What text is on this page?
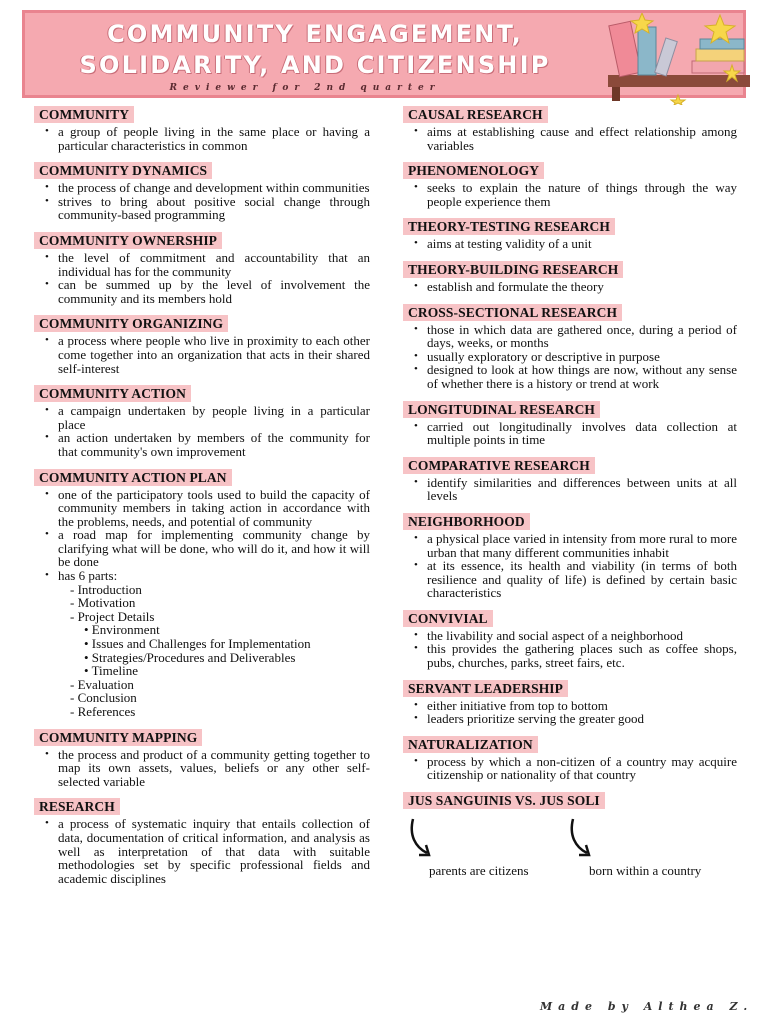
COMMUNITY ENGAGEMENT,
SOLIDARITY, AND CITIZENSHIP
Reviewer for 2nd quarter
COMMUNITY
• a group of people living in the same place or having a particular characteristics in common
COMMUNITY DYNAMICS
• the process of change and development within communities
• strives to bring about positive social change through community-based programming
COMMUNITY OWNERSHIP
• the level of commitment and accountability that an individual has for the community
• can be summed up by the level of involvement the community and its members hold
COMMUNITY ORGANIZING
• a process where people who live in proximity to each other come together into an organization that acts in their shared self-interest
COMMUNITY ACTION
• a campaign undertaken by people living in a particular place
• an action undertaken by members of the community for that community's own improvement
COMMUNITY ACTION PLAN
• one of the participatory tools used to build the capacity of community members in taking action in accordance with the problems, needs, and potential of community
• a road map for implementing community change by clarifying what will be done, who will do it, and how it will be done
• has 6 parts:
- Introduction
- Motivation
- Project Details
• Environment
• Issues and Challenges for Implementation
• Strategies/Procedures and Deliverables
• Timeline
- Evaluation
- Conclusion
- References
COMMUNITY MAPPING
• the process and product of a community getting together to map its own assets, values, beliefs or any other self-selected variable
RESEARCH
• a process of systematic inquiry that entails collection of data, documentation of critical information, and analysis as well as interpretation of that data with suitable methodologies set by specific professional fields and academic disciplines
CAUSAL RESEARCH
• aims at establishing cause and effect relationship among variables
PHENOMENOLOGY
• seeks to explain the nature of things through the way people experience them
THEORY-TESTING RESEARCH
• aims at testing validity of a unit
THEORY-BUILDING RESEARCH
• establish and formulate the theory
CROSS-SECTIONAL RESEARCH
• those in which data are gathered once, during a period of days, weeks, or months
• usually exploratory or descriptive in purpose
• designed to look at how things are now, without any sense of whether there is a history or trend at work
LONGITUDINAL RESEARCH
• carried out longitudinally involves data collection at multiple points in time
COMPARATIVE RESEARCH
• identify similarities and differences between units at all levels
NEIGHBORHOOD
• a physical place varied in intensity from more rural to more urban that many different communities inhabit
• at its essence, its health and viability (in terms of both resilience and quality of life) is defined by certain basic characteristics
CONVIVIAL
• the livability and social aspect of a neighborhood
• this provides the gathering places such as coffee shops, pubs, churches, parks, street fairs, etc.
SERVANT LEADERSHIP
• either initiative from top to bottom
• leaders prioritize serving the greater good
NATURALIZATION
• process by which a non-citizen of a country may acquire citizenship or nationality of that country
JUS SANGUINIS VS. JUS SOLI
parents are citizens	born within a country
Made by Althea Z.
